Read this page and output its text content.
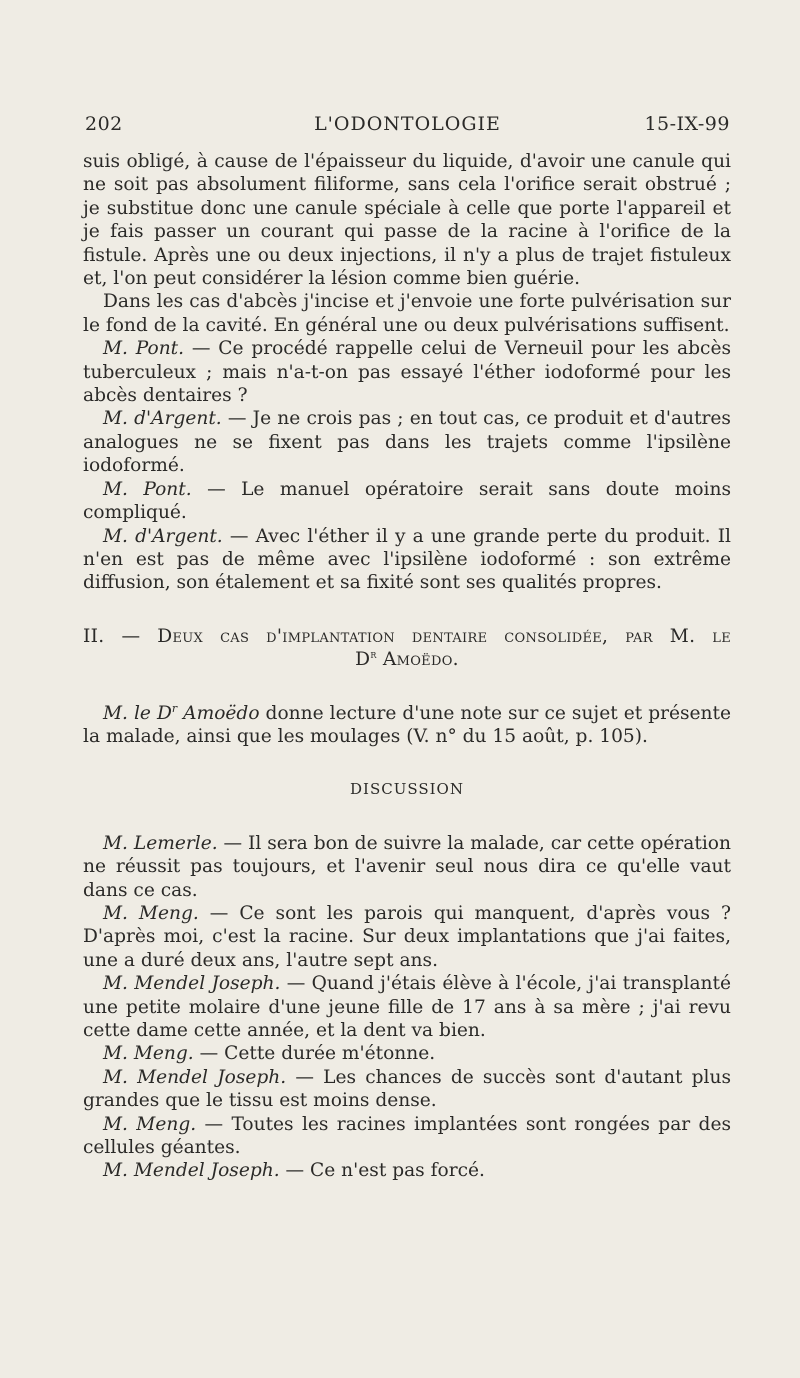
202	L'ODONTOLOGIE	15-IX-99

suis obligé, à cause de l'épaisseur du liquide, d'avoir une canule qui ne soit pas absolument filiforme, sans cela l'orifice serait obstrué ; je substitue donc une canule spéciale à celle que porte l'appareil et je fais passer un courant qui passe de la racine à l'orifice de la fistule. Après une ou deux injections, il n'y a plus de trajet fistuleux et, l'on peut considérer la lésion comme bien guérie.

Dans les cas d'abcès j'incise et j'envoie une forte pulvérisation sur le fond de la cavité. En général une ou deux pulvérisations suffisent.

M. Pont. — Ce procédé rappelle celui de Verneuil pour les abcès tuberculeux ; mais n'a-t-on pas essayé l'éther iodoformé pour les abcès dentaires ?

M. d'Argent. — Je ne crois pas ; en tout cas, ce produit et d'autres analogues ne se fixent pas dans les trajets comme l'ipsilène iodoformé.

M. Pont. — Le manuel opératoire serait sans doute moins compliqué.

M. d'Argent. — Avec l'éther il y a une grande perte du produit. Il n'en est pas de même avec l'ipsilène iodoformé : son extrême diffusion, son étalement et sa fixité sont ses qualités propres.

II. — Deux cas d'implantation dentaire consolidée, par M. le
$D^r$ Amoëdo.

M. le $D^r$ Amoëdo donne lecture d'une note sur ce sujet et présente la malade, ainsi que les moulages (V. n° du 15 août, p. 105).

DISCUSSION

M. Lemerle. — Il sera bon de suivre la malade, car cette opération ne réussit pas toujours, et l'avenir seul nous dira ce qu'elle vaut dans ce cas.

M. Meng. — Ce sont les parois qui manquent, d'après vous ? D'après moi, c'est la racine. Sur deux implantations que j'ai faites, une a duré deux ans, l'autre sept ans.

M. Mendel Joseph. — Quand j'étais élève à l'école, j'ai transplanté une petite molaire d'une jeune fille de 17 ans à sa mère ; j'ai revu cette dame cette année, et la dent va bien.

M. Meng. — Cette durée m'étonne.

M. Mendel Joseph. — Les chances de succès sont d'autant plus grandes que le tissu est moins dense.

M. Meng. — Toutes les racines implantées sont rongées par des cellules géantes.

M. Mendel Joseph. — Ce n'est pas forcé.
